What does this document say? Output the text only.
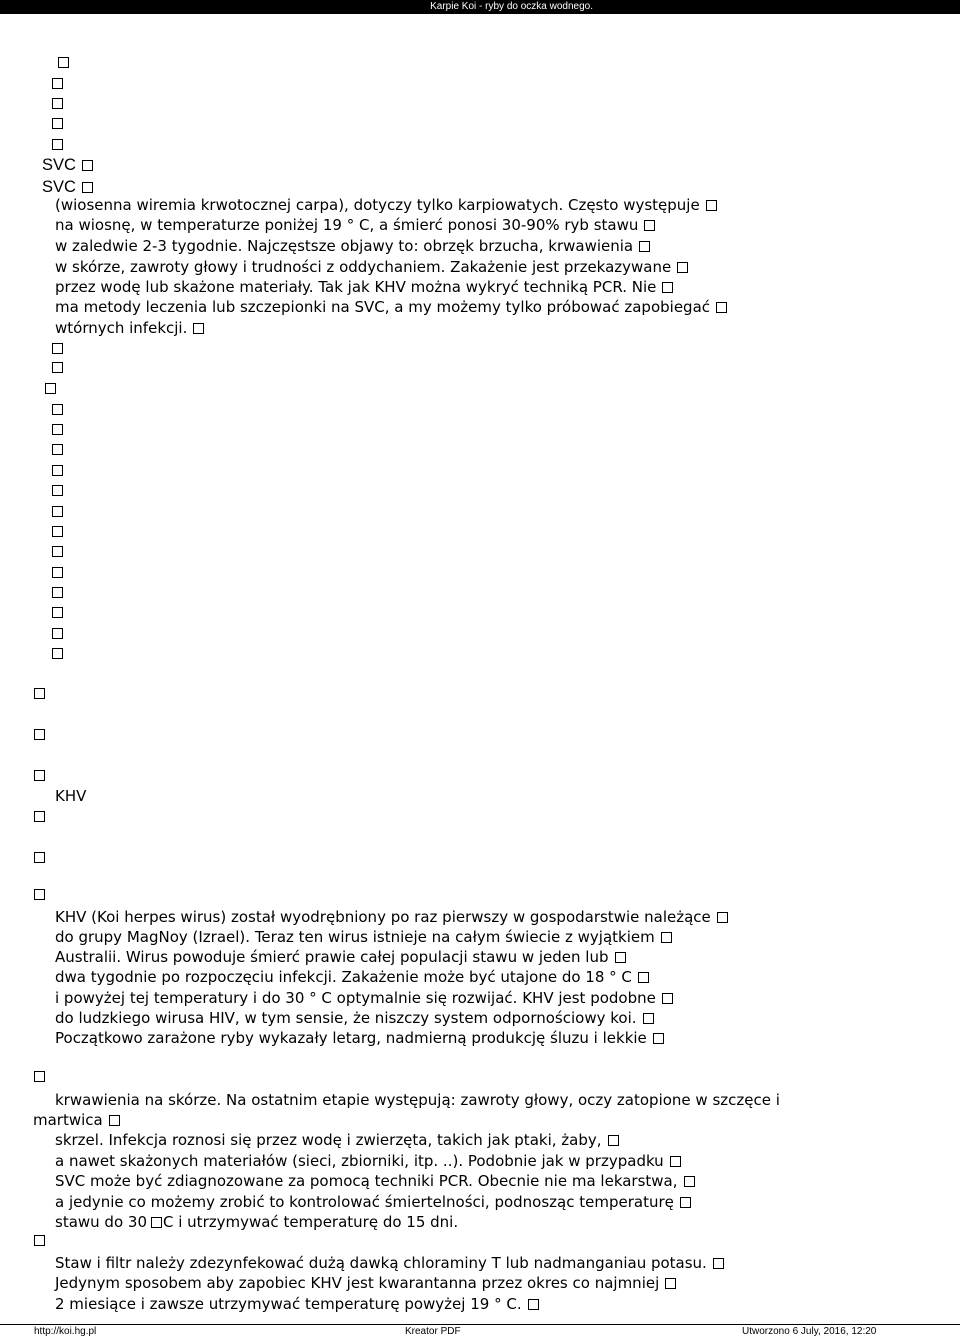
Karpie Koi - ryby do oczka wodnego.
SVC
SVC
(wiosenna wiremia krwotocznej carpa), dotyczy tylko karpiowatych. Często występuje
na wiosnę, w temperaturze poniżej 19 ° C, a śmierć ponosi 30-90% ryb stawu
w zaledwie 2-3 tygodnie. Najczęstsze objawy to: obrzęk brzucha, krwawienia
w skórze, zawroty głowy i trudności z oddychaniem. Zakażenie jest przekazywane
przez wodę lub skażone materiały. Tak jak KHV można wykryć techniką PCR. Nie
ma metody leczenia lub szczepionki na SVC, a my możemy tylko próbować zapobiegać
wtórnych infekcji.
KHV
KHV (Koi herpes wirus) został wyodrębniony po raz pierwszy w gospodarstwie należące
do grupy MagNoy (Izrael). Teraz ten wirus istnieje na całym świecie z wyjątkiem
Australii. Wirus powoduje śmierć prawie całej populacji stawu w jeden lub
dwa tygodnie po rozpoczęciu infekcji. Zakażenie może być utajone do 18 ° C
i powyżej tej temperatury i do 30 ° C optymalnie się rozwijać. KHV jest podobne
do ludzkiego wirusa HIV, w tym sensie, że niszczy system odpornościowy koi.
Początkowo zarażone ryby wykazały letarg, nadmierną produkcję śluzu i lekkie
krwawienia na skórze. Na ostatnim etapie występują: zawroty głowy, oczy zatopione w szczęce i
martwica
skrzel. Infekcja roznosi się przez wodę i zwierzęta, takich jak ptaki, żaby,
a nawet skażonych materiałów (sieci, zbiorniki, itp. ..). Podobnie jak w przypadku
SVC może być zdiagnozowane za pomocą techniki PCR. Obecnie nie ma lekarstwa,
a jedynie co możemy zrobić to kontrolować śmiertelności, podnosząc temperaturę
stawu do 30 C i utrzymywać temperaturę do 15 dni.
Staw i filtr należy zdezynfekować dużą dawką chloraminy T lub nadmanganiau potasu.
Jedynym sposobem aby zapobiec KHV jest kwarantanna przez okres co najmniej
2 miesiące i zawsze utrzymywać temperaturę powyżej 19 ° C.
http://koi.hg.pl	Kreator PDF	Utworzono 6 July, 2016, 12:20
